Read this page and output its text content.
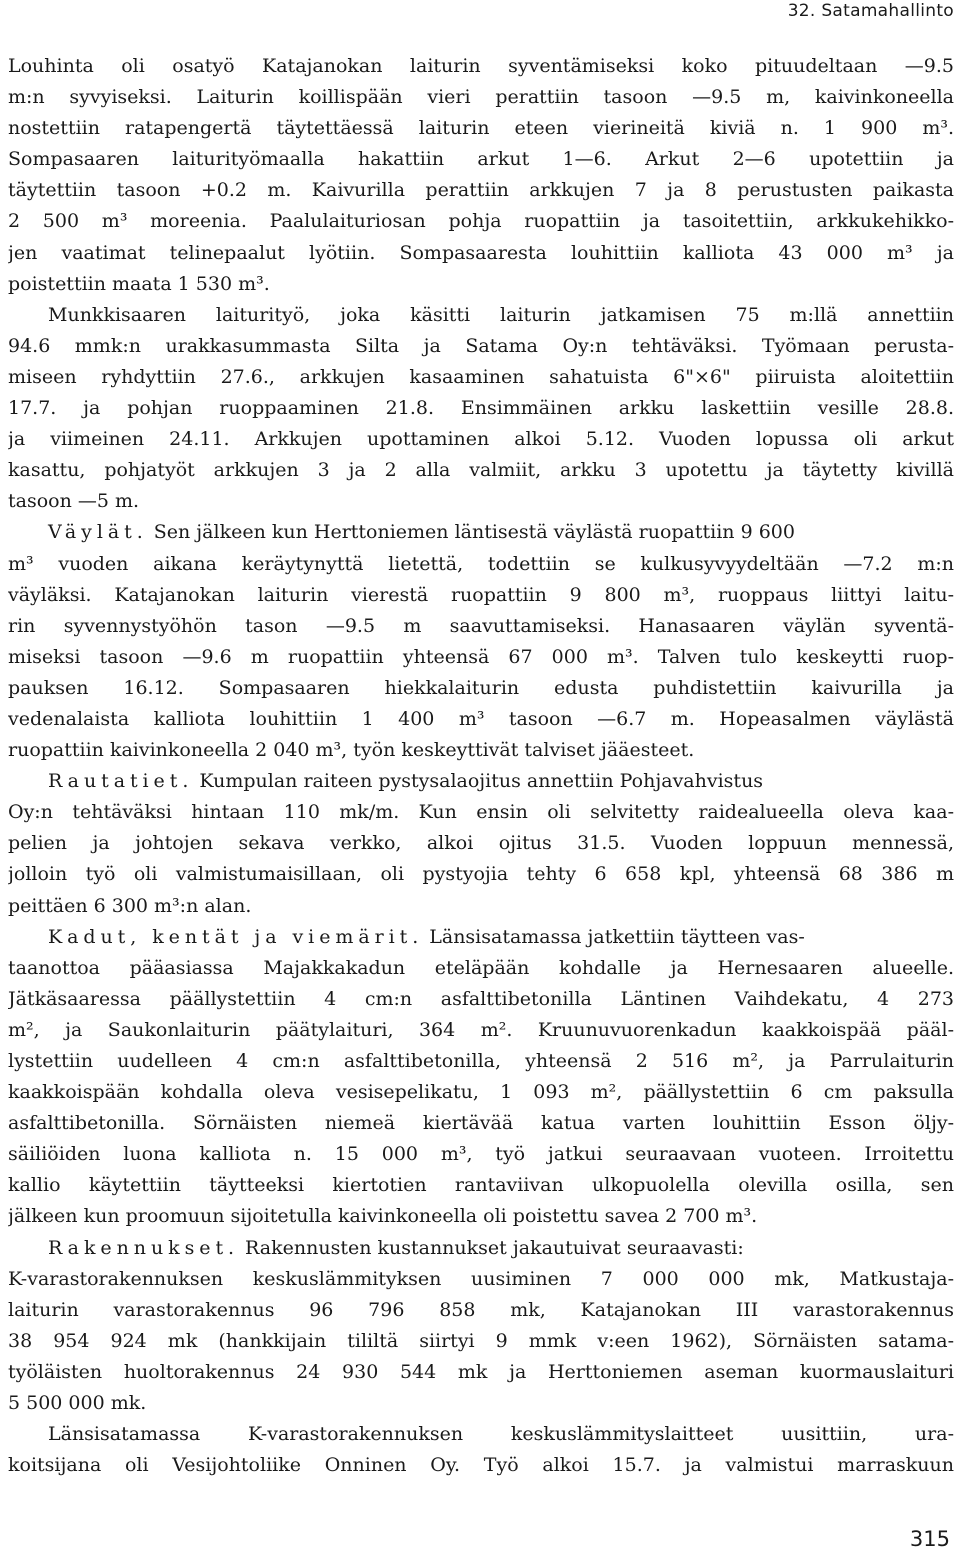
32. Satamahallinto

Louhinta oli osatyö Katajanokan laiturin syventämiseksi koko pituudeltaan —9.5
m:n syvyiseksi. Laiturin koillispään vieri perattiin tasoon —9.5 m, kaivinkoneella
nostettiin ratapengertä täytettäessä laiturin eteen vierineitä kiviä n. 1 900 m³.
Sompasaaren laiturityömaalla hakattiin arkut 1—6. Arkut 2—6 upotettiin ja
täytettiin tasoon +0.2 m. Kaivurilla perattiin arkkujen 7 ja 8 perustusten paikasta
2 500 m³ moreenia. Paalulaituriosan pohja ruopattiin ja tasoitettiin, arkkukehikko-
jen vaatimat telinepaalut lyötiin. Sompasaaresta louhittiin kalliota 43 000 m³ ja
poistettiin maata 1 530 m³.

Munkkisaaren laiturityö, joka käsitti laiturin jatkamisen 75 m:llä annettiin
94.6 mmk:n urakkasummasta Silta ja Satama Oy:n tehtäväksi. Työmaan perusta-
miseen ryhdyttiin 27.6., arkkujen kasaaminen sahatuista 6"×6" piiruista aloitettiin
17.7. ja pohjan ruoppaaminen 21.8. Ensimmäinen arkku laskettiin vesille 28.8.
ja viimeinen 24.11. Arkkujen upottaminen alkoi 5.12. Vuoden lopussa oli arkut
kasattu, pohjatyöt arkkujen 3 ja 2 alla valmiit, arkku 3 upotettu ja täytetty kivillä
tasoon —5 m.

Väylät. Sen jälkeen kun Herttoniemen läntisestä väylästä ruopattiin 9 600
m³ vuoden aikana keräytynyttä lietettä, todettiin se kulkusyvyydeltään —7.2 m:n
väyläksi. Katajanokan laiturin vierestä ruopattiin 9 800 m³, ruoppaus liittyi laitu-
rin syvennystyöhön tason —9.5 m saavuttamiseksi. Hanasaaren väylän syventä-
miseksi tasoon —9.6 m ruopattiin yhteensä 67 000 m³. Talven tulo keskeytti ruop-
pauksen 16.12. Sompasaaren hiekkalaiturin edusta puhdistettiin kaivurilla ja
vedenalaista kalliota louhittiin 1 400 m³ tasoon —6.7 m. Hopeasalmen väylästä
ruopattiin kaivinkoneella 2 040 m³, työn keskeyttivät talviset jääesteet.

Rautatiet. Kumpulan raiteen pystysalaojitus annettiin Pohjavahvistus
Oy:n tehtäväksi hintaan 110 mk/m. Kun ensin oli selvitetty raidealueella oleva kaa-
pelien ja johtojen sekava verkko, alkoi ojitus 31.5. Vuoden loppuun mennessä,
jolloin työ oli valmistumaisillaan, oli pystyojia tehty 6 658 kpl, yhteensä 68 386 m
peittäen 6 300 m³:n alan.

Kadut, kentät ja viemärit. Länsisatamassa jatkettiin täytteen vas-
taanottoa pääasiassa Majakkakadun eteläpään kohdalle ja Hernesaaren alueelle.
Jätkäsaaressa päällystettiin 4 cm:n asfalttibetonilla Läntinen Vaihdekatu, 4 273
m², ja Saukonlaiturin päätylaituri, 364 m². Kruunuvuorenkadun kaakkoispää pääl-
lystettiin uudelleen 4 cm:n asfalttibetonilla, yhteensä 2 516 m², ja Parrulaiturin
kaakkoispään kohdalla oleva vesisepelikatu, 1 093 m², päällystettiin 6 cm paksulla
asfalttibetonilla. Sörnäisten niemeä kiertävää katua varten louhittiin Esson öljy-
säiliöiden luona kalliota n. 15 000 m³, työ jatkui seuraavaan vuoteen. Irroitettu
kallio käytettiin täytteeksi kiertotien rantaviivan ulkopuolella olevilla osilla, sen
jälkeen kun proomuun sijoitetulla kaivinkoneella oli poistettu savea 2 700 m³.

Rakennukset. Rakennusten kustannukset jakautuivat seuraavasti:
K-varastorakennuksen keskuslämmityksen uusiminen 7 000 000 mk, Matkustaja-
laiturin varastorakennus 96 796 858 mk, Katajanokan III varastorakennus
38 954 924 mk (hankkijain tililtä siirtyi 9 mmk v:een 1962), Sörnäisten satama-
työläisten huoltorakennus 24 930 544 mk ja Herttoniemen aseman kuormauslaituri
5 500 000 mk.

Länsisatamassa K-varastorakennuksen keskuslämmityslaitteet uusittiin, ura-
koitsijana oli Vesijohtoliike Onninen Oy. Työ alkoi 15.7. ja valmistui marraskuun

315
